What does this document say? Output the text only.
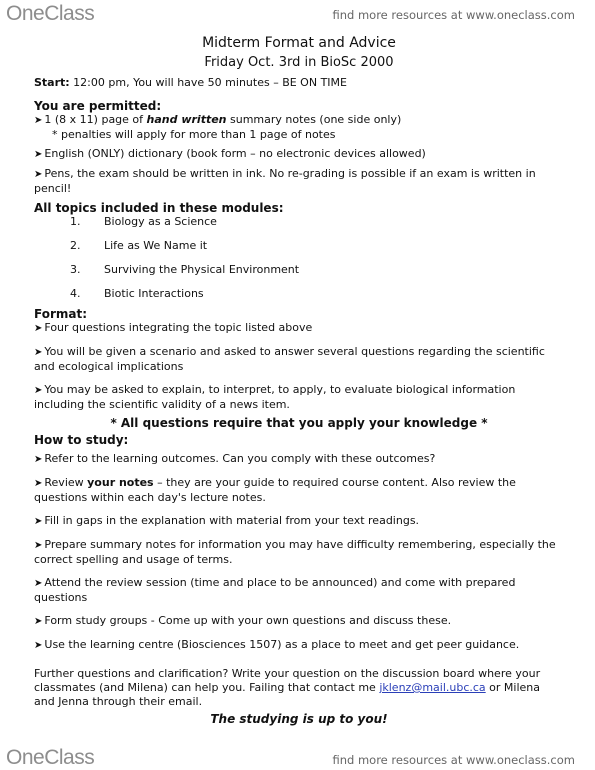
OneClass	find more resources at www.oneclass.com
Midterm Format and Advice
Friday Oct. 3rd in BioSc 2000

Start: 12:00 pm, You will have 50 minutes – BE ON TIME

You are permitted:

➤ 1 (8 x 11) page of hand written summary notes (one side only)

* penalties will apply for more than 1 page of notes

➤ English (ONLY) dictionary (book form – no electronic devices allowed)

➤ Pens, the exam should be written in ink. No re-grading is possible if an exam is written in pencil!

All topics included in these modules:

1. Biology as a Science

2. Life as We Name it

3. Surviving the Physical Environment

4. Biotic Interactions

Format:

➤ Four questions integrating the topic listed above

➤ You will be given a scenario and asked to answer several questions regarding the scientific and ecological implications

➤ You may be asked to explain, to interpret, to apply, to evaluate biological information including the scientific validity of a news item.

* All questions require that you apply your knowledge *
How to study:

➤ Refer to the learning outcomes. Can you comply with these outcomes?

➤ Review your notes – they are your guide to required course content. Also review the questions within each day's lecture notes.

➤ Fill in gaps in the explanation with material from your text readings.

➤ Prepare summary notes for information you may have difficulty remembering, especially the correct spelling and usage of terms.

➤ Attend the review session (time and place to be announced) and come with prepared questions

➤ Form study groups - Come up with your own questions and discuss these.

➤ Use the learning centre (Biosciences 1507) as a place to meet and get peer guidance.

Further questions and clarification? Write your question on the discussion board where your classmates (and Milena) can help you. Failing that contact me jklenz@mail.ubc.ca or Milena and Jenna through their email.

The studying is up to you!
OneClass	find more resources at www.oneclass.com
